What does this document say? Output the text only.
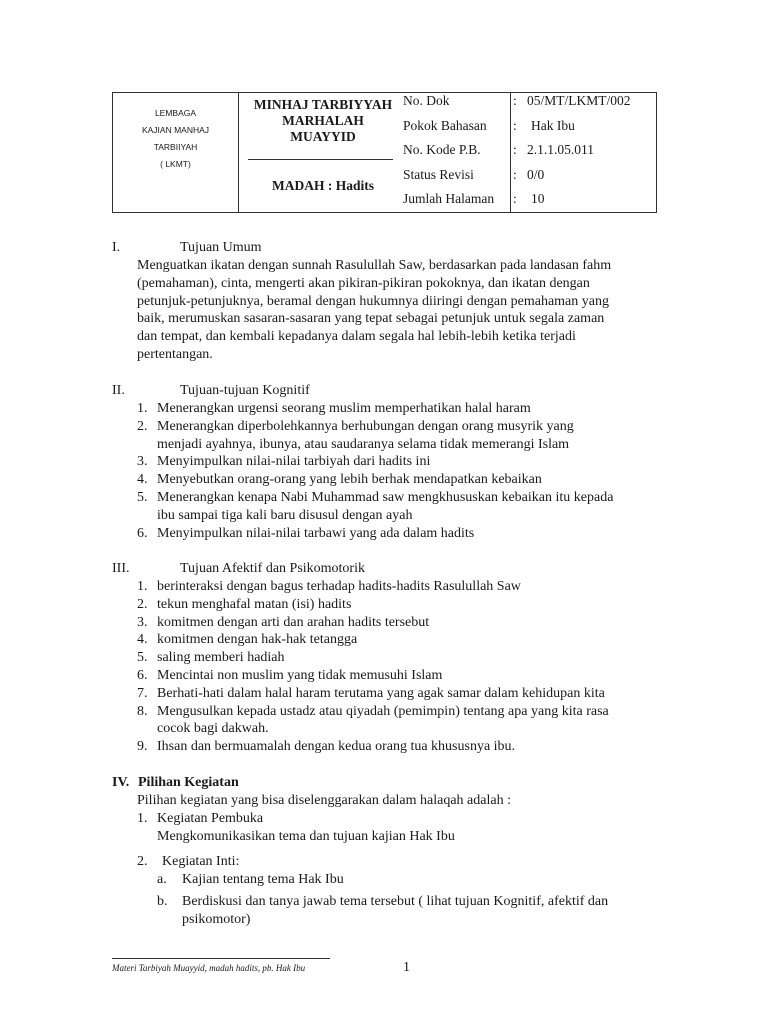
LEMBAGA
KAJIAN MANHAJ
TARBIIYAH
( LKMT)
MINHAJ TARBIYYAH
MARHALAH
MUAYYID
MADAH : Hadits
No. Dok	: 05/MT/LKMT/002
Pokok Bahasan : Hak Ibu
No. Kode P.B. : 2.1.1.05.011
Status Revisi	: 0/0
Jumlah Halaman : 10
I.	Tujuan Umum
Menguatkan ikatan dengan sunnah Rasulullah Saw, berdasarkan pada landasan fahm
(pemahaman), cinta, mengerti akan pikiran-pikiran pokoknya, dan ikatan dengan
petunjuk-petunjuknya, beramal dengan hukumnya diiringi dengan pemahaman yang
baik, merumuskan sasaran-sasaran yang tepat sebagai petunjuk untuk segala zaman
dan tempat, dan kembali kepadanya dalam segala hal lebih-lebih ketika terjadi
pertentangan.
II.	Tujuan-tujuan Kognitif
1. Menerangkan urgensi seorang muslim memperhatikan halal haram
2. Menerangkan diperbolehkannya berhubungan dengan orang musyrik yang
menjadi ayahnya, ibunya, atau saudaranya selama tidak memerangi Islam
3. Menyimpulkan nilai-nilai tarbiyah dari hadits ini
4. Menyebutkan orang-orang yang lebih berhak mendapatkan kebaikan
5. Menerangkan kenapa Nabi Muhammad saw mengkhususkan kebaikan itu kepada
ibu sampai tiga kali baru disusul dengan ayah
6. Menyimpulkan nilai-nilai tarbawi yang ada dalam hadits
III.	Tujuan Afektif dan Psikomotorik
1. berinteraksi dengan bagus terhadap hadits-hadits Rasulullah Saw
2. tekun menghafal matan (isi) hadits
3. komitmen dengan arti dan arahan hadits tersebut
4. komitmen dengan hak-hak tetangga
5. saling memberi hadiah
6. Mencintai non muslim yang tidak memusuhi Islam
7. Berhati-hati dalam halal haram terutama yang agak samar dalam kehidupan kita
8. Mengusulkan kepada ustadz atau qiyadah (pemimpin) tentang apa yang kita rasa
cocok bagi dakwah.
9. Ihsan dan bermuamalah dengan kedua orang tua khususnya ibu.
IV. Pilihan Kegiatan
Pilihan kegiatan yang bisa diselenggarakan dalam halaqah adalah :
1. Kegiatan Pembuka
Mengkomunikasikan tema dan tujuan kajian Hak Ibu
2.	Kegiatan Inti:
a. Kajian tentang tema Hak Ibu
b. Berdiskusi dan tanya jawab tema tersebut ( lihat tujuan Kognitif, afektif dan
psikomotor)
Materi Tarbiyah Muayyid, madah hadits, pb. Hak Ibu	1
